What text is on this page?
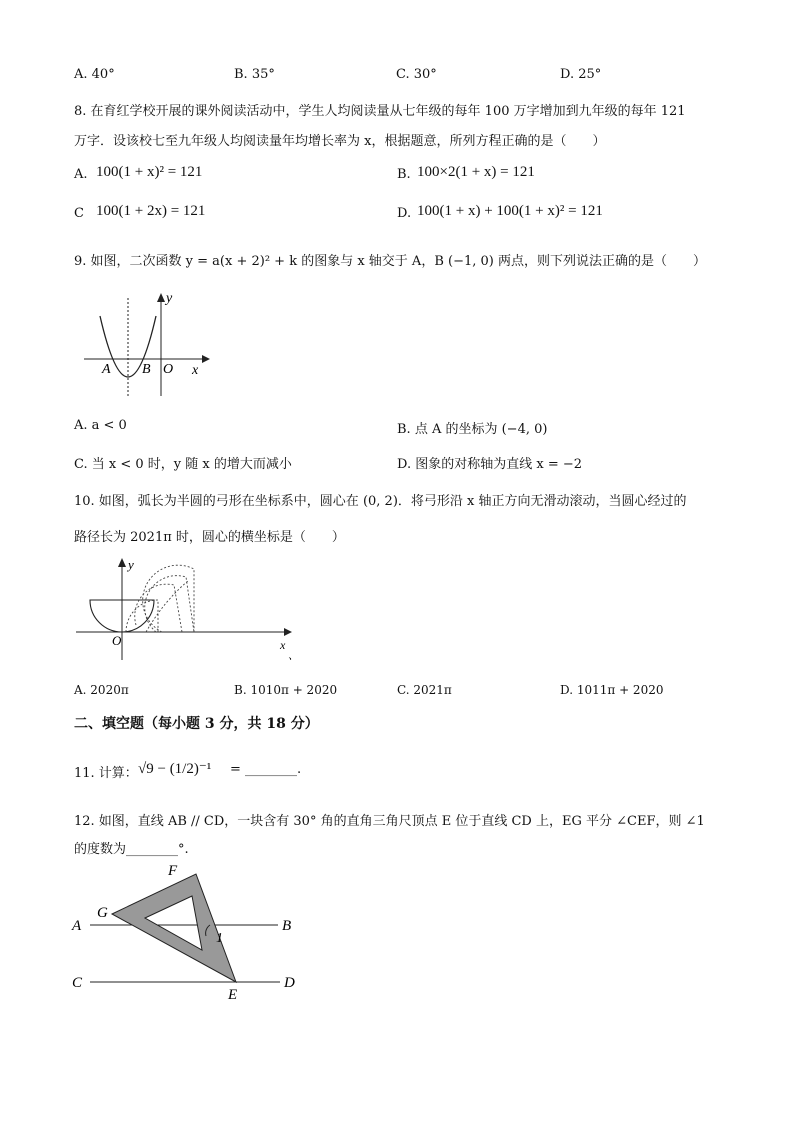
A. 40°	B. 35°	C. 30°	D. 25°
8. 在育红学校开展的课外阅读活动中，学生人均阅读量从七年级的每年 100 万字增加到九年级的每年 121
万字．设该校七至九年级人均阅读量年均增长率为 x，根据题意，所列方程正确的是（　　）
A. 100(1 + x)² = 121	B. 100×2(1 + x) = 121
C 100(1 + 2x) = 121	D. 100(1 + x) + 100(1 + x)² = 121
9. 如图，二次函数 y = a(x + 2)² + k 的图象与 x 轴交于 A，B (−1, 0) 两点，则下列说法正确的是（　　）
y
x
A B O
A. a < 0	B. 点 A 的坐标为 (−4, 0)
C. 当 x < 0 时，y 随 x 的增大而减小	D. 图象的对称轴为直线 x = −2
10. 如图，弧长为半圆的弓形在坐标系中，圆心在 (0, 2)．将弓形沿 x 轴正方向无滑动滚动，当圆心经过的
路径长为 2021π 时，圆心的横坐标是（　　）
y
O	x
、
A. 2020π	B. 1010π + 2020	C. 2021π	D. 1011π + 2020
二、填空题（每小题 3 分，共 18 分）
11. 计算： √9 − (1/2)⁻¹ = ________.
12. 如图，直线 AB // CD，一块含有 30° 角的直角三角尺顶点 E 位于直线 CD 上，EG 平分 ∠CEF，则 ∠1
的度数为________°.
A	B
C	D
E
F
G
1
